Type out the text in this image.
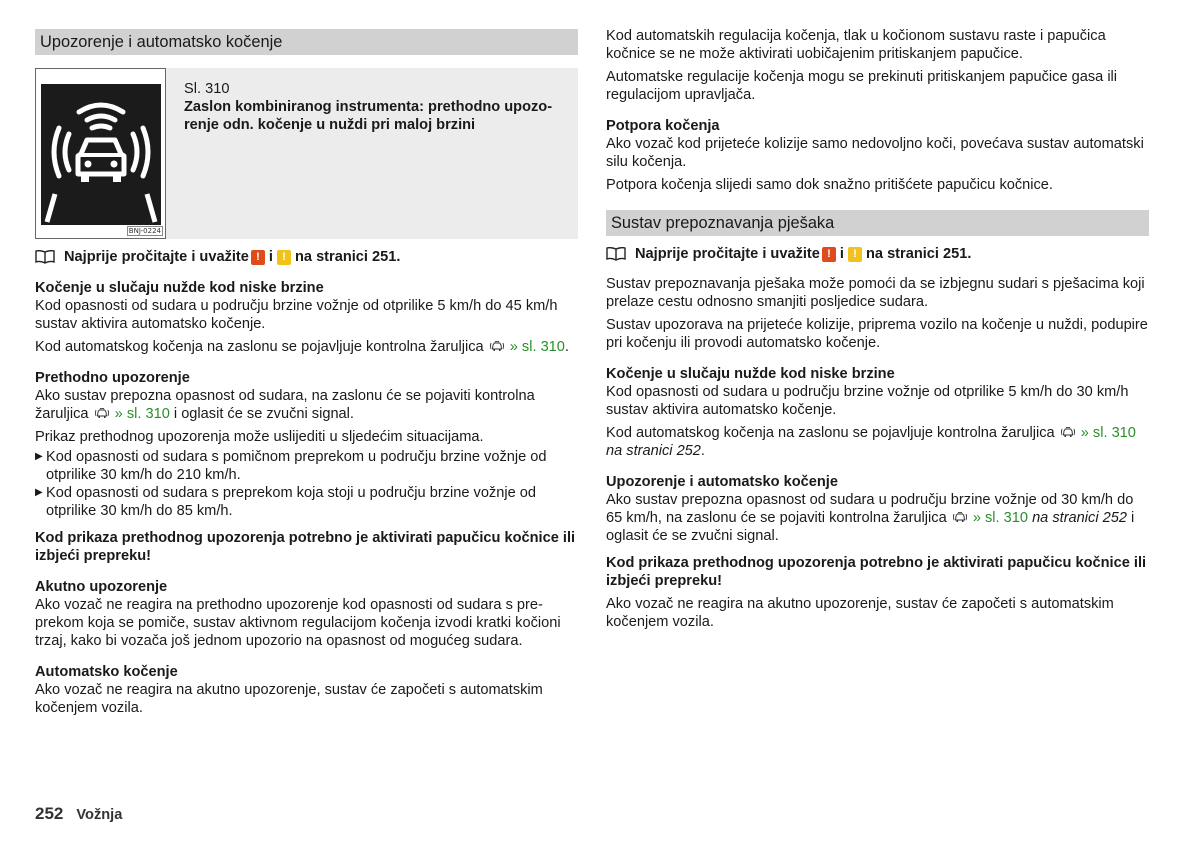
Upozorenje i automatsko kočenje
BNJ-0224
Sl. 310
Zaslon kombiniranog instrumenta: prethodno upozorenje odn. kočenje u nuždi pri maloj brzini
Najprije pročitajte i uvažite ! i ! na stranici 251.
Kočenje u slučaju nužde kod niske brzine

Kod opasnosti od sudara u području brzine vožnje od otprilike 5 km/h do 45 km/h sustav aktivira automatsko kočenje.

Kod automatskog kočenja na zaslonu se pojavljuje kontrolna žaruljica » sl. 310.

Prethodno upozorenje

Ako sustav prepozna opasnost od sudara, na zaslonu će se pojaviti kontrolna žaruljica » sl. 310 i oglasit će se zvučni signal.

Prikaz prethodnog upozorenja može uslijediti u sljedećim situacijama.

▶ Kod opasnosti od sudara s pomičnom preprekom u području brzine vožnje od otprilike 30 km/h do 210 km/h.
▶ Kod opasnosti od sudara s preprekom koja stoji u području brzine vožnje od otprilike 30 km/h do 85 km/h.

Kod prikaza prethodnog upozorenja potrebno je aktivirati papučicu kočnice ili izbjeći prepreku!

Akutno upozorenje

Ako vozač ne reagira na prethodno upozorenje kod opasnosti od sudara s preprekom koja se pomiče, sustav aktivnom regulacijom kočenja izvodi kratki kočioni trzaj, kako bi vozača još jednom upozorio na opasnost od mogućeg sudara.

Automatsko kočenje

Ako vozač ne reagira na akutno upozorenje, sustav će započeti s automatskim kočenjem vozila.

Kod automatskih regulacija kočenja, tlak u kočionom sustavu raste i papučica kočnice se ne može aktivirati uobičajenim pritiskanjem papučice.

Automatske regulacije kočenja mogu se prekinuti pritiskanjem papučice gasa ili regulacijom upravljača.

Potpora kočenja

Ako vozač kod prijeteće kolizije samo nedovoljno koči, povećava sustav automatski silu kočenja.

Potpora kočenja slijedi samo dok snažno pritišćete papučicu kočnice.

Sustav prepoznavanja pješaka
Najprije pročitajte i uvažite ! i ! na stranici 251.

Sustav prepoznavanja pješaka može pomoći da se izbjegnu sudari s pješacima koji prelaze cestu odnosno smanjiti posljedice sudara.

Sustav upozorava na prijeteće kolizije, priprema vozilo na kočenje u nuždi, podupire pri kočenju ili provodi automatsko kočenje.

Kočenje u slučaju nužde kod niske brzine

Kod opasnosti od sudara u području brzine vožnje od otprilike 5 km/h do 30 km/h sustav aktivira automatsko kočenje.

Kod automatskog kočenja na zaslonu se pojavljuje kontrolna žaruljica » sl. 310 na stranici 252.

Upozorenje i automatsko kočenje

Ako sustav prepozna opasnost od sudara u području brzine vožnje od 30 km/h do 65 km/h, na zaslonu će se pojaviti kontrolna žaruljica » sl. 310 na stranici 252 i oglasit će se zvučni signal.

Kod prikaza prethodnog upozorenja potrebno je aktivirati papučicu kočnice ili izbjeći prepreku!

Ako vozač ne reagira na akutno upozorenje, sustav će započeti s automatskim kočenjem vozila.

252 Vožnja
